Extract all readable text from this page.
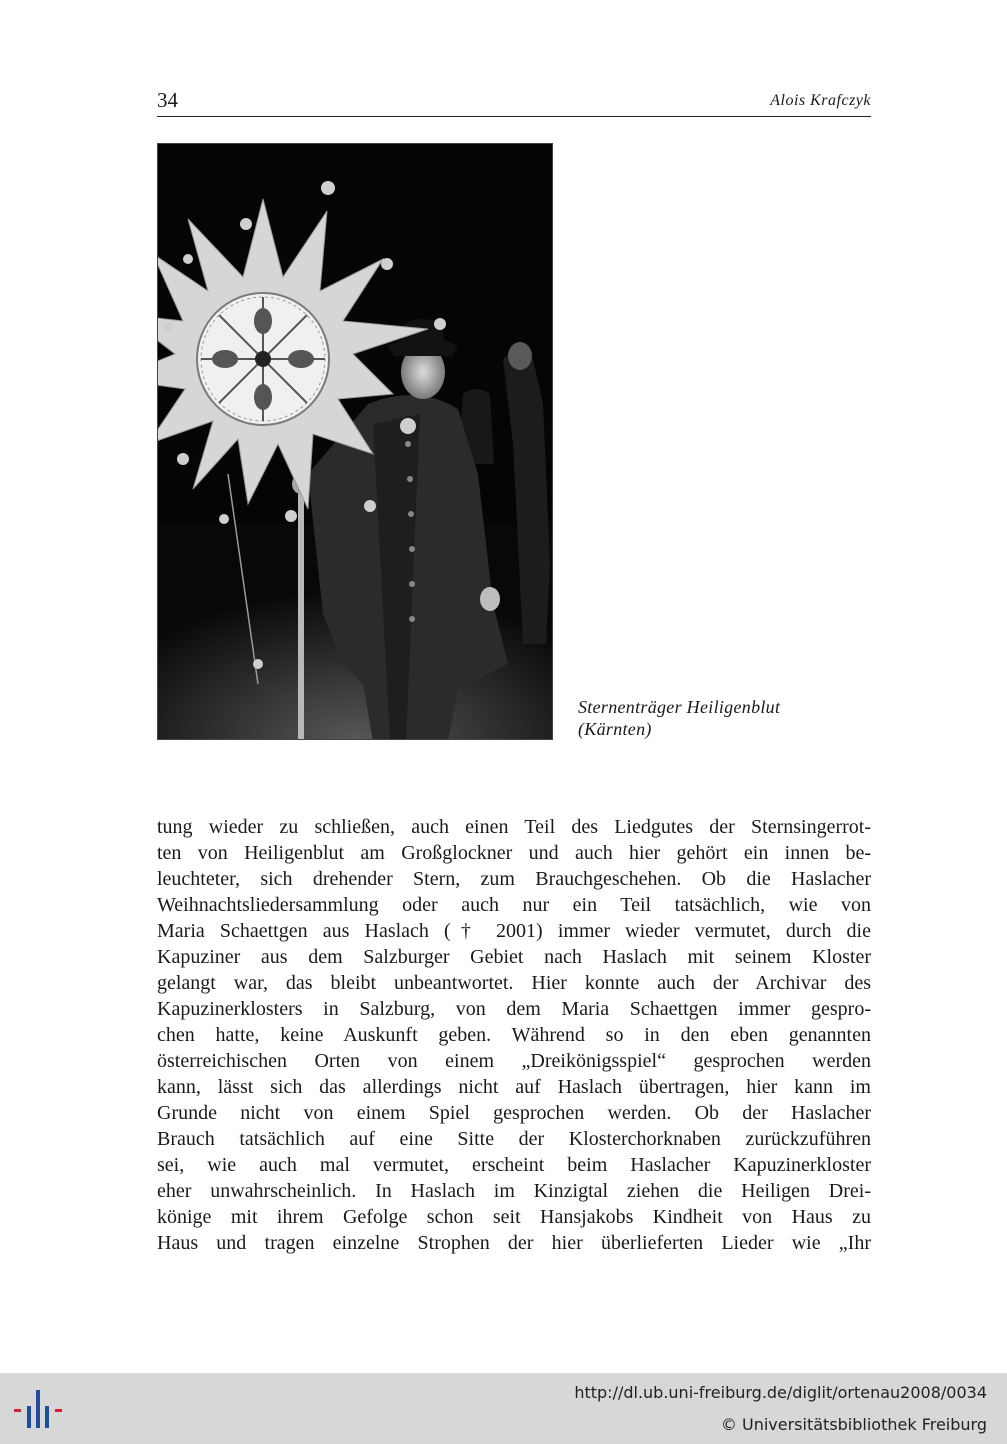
34	Alois Krafczyk
Sternenträger Heiligenblut
(Kärnten)
tung wieder zu schließen, auch einen Teil des Liedgutes der Sternsingerrot-
ten von Heiligenblut am Großglockner und auch hier gehört ein innen be-
leuchteter, sich drehender Stern, zum Brauchgeschehen. Ob die Haslacher
Weihnachtsliedersammlung oder auch nur ein Teil tatsächlich, wie von
Maria Schaettgen aus Haslach († 2001) immer wieder vermutet, durch die
Kapuziner aus dem Salzburger Gebiet nach Haslach mit seinem Kloster
gelangt war, das bleibt unbeantwortet. Hier konnte auch der Archivar des
Kapuzinerklosters in Salzburg, von dem Maria Schaettgen immer gespro-
chen hatte, keine Auskunft geben. Während so in den eben genannten
österreichischen Orten von einem „Dreikönigsspiel“ gesprochen werden
kann, lässt sich das allerdings nicht auf Haslach übertragen, hier kann im
Grunde nicht von einem Spiel gesprochen werden. Ob der Haslacher
Brauch tatsächlich auf eine Sitte der Klosterchorknaben zurückzuführen
sei, wie auch mal vermutet, erscheint beim Haslacher Kapuzinerkloster
eher unwahrscheinlich. In Haslach im Kinzigtal ziehen die Heiligen Drei-
könige mit ihrem Gefolge schon seit Hansjakobs Kindheit von Haus zu
Haus und tragen einzelne Strophen der hier überlieferten Lieder wie „Ihr
http://dl.ub.uni-freiburg.de/diglit/ortenau2008/0034
© Universitätsbibliothek Freiburg
